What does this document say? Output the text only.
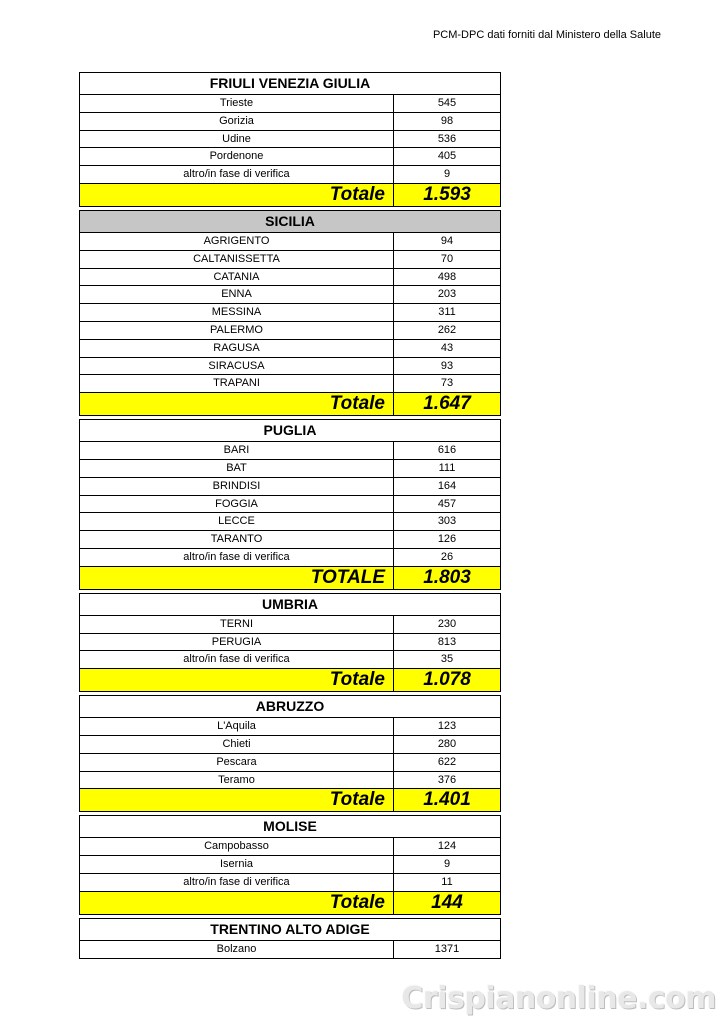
PCM-DPC dati forniti dal Ministero della Salute
FRIULI VENEZIA GIULIA
Trieste	545
Gorizia	98
Udine	536
Pordenone	405
altro/in fase di verifica	9
Totale	1.593
SICILIA
AGRIGENTO	94
CALTANISSETTA	70
CATANIA	498
ENNA	203
MESSINA	311
PALERMO	262
RAGUSA	43
SIRACUSA	93
TRAPANI	73
Totale	1.647
PUGLIA
BARI	616
BAT	111
BRINDISI	164
FOGGIA	457
LECCE	303
TARANTO	126
altro/in fase di verifica	26
TOTALE	1.803
UMBRIA
TERNI	230
PERUGIA	813
altro/in fase di verifica	35
Totale	1.078
ABRUZZO
L'Aquila	123
Chieti	280
Pescara	622
Teramo	376
Totale	1.401
MOLISE
Campobasso	124
Isernia	9
altro/in fase di verifica	11
Totale	144
TRENTINO ALTO ADIGE
Bolzano	1371
Crispianonline.com
